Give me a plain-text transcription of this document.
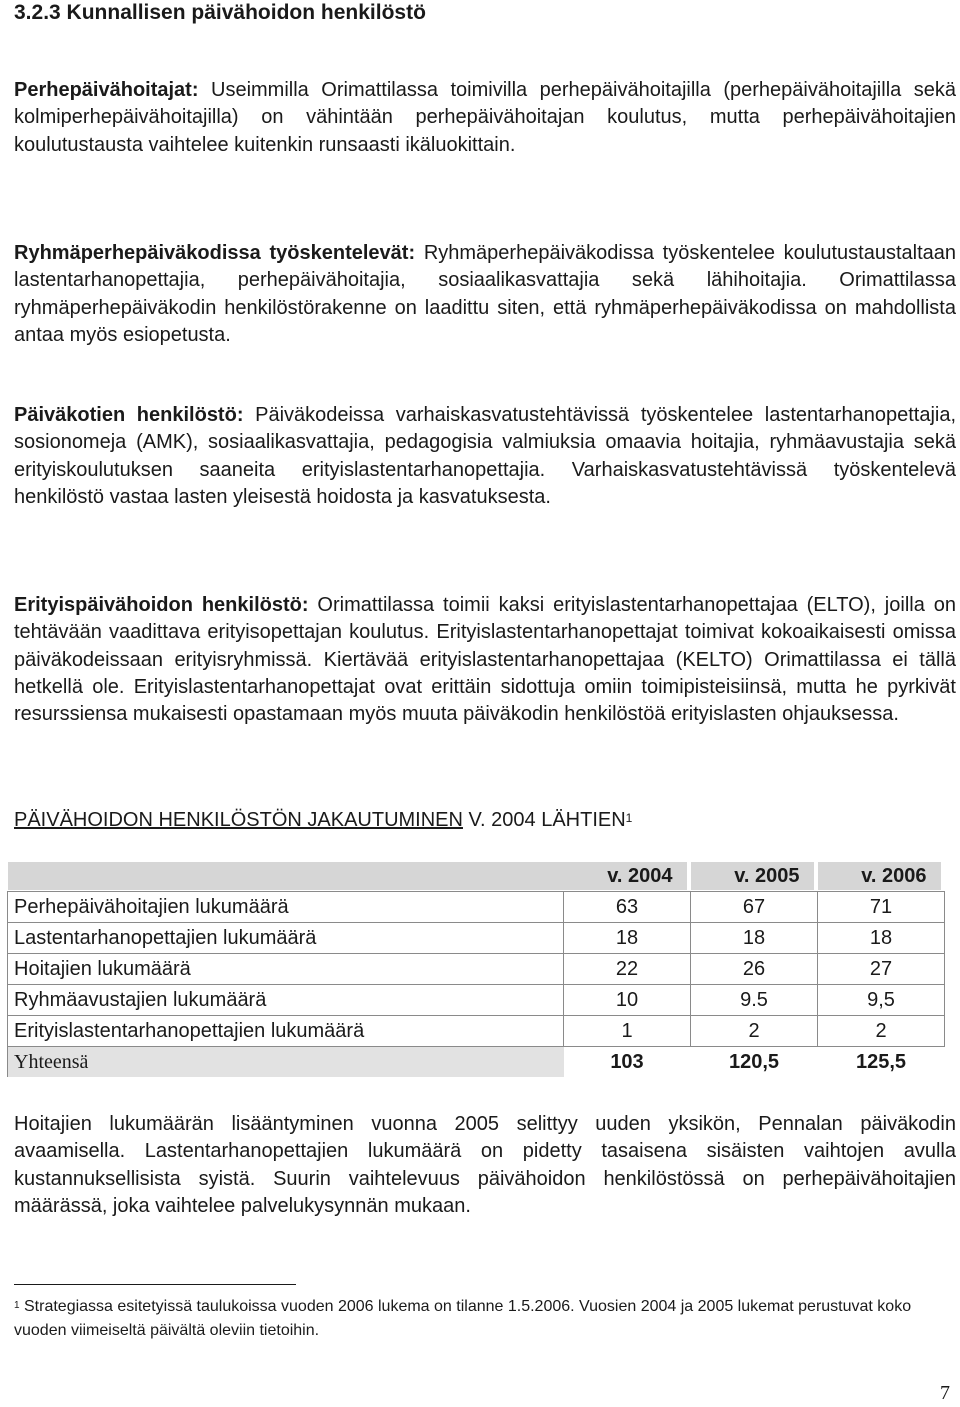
3.2.3 Kunnallisen päivähoidon henkilöstö

Perhepäivähoitajat: Useimmilla Orimattilassa toimivilla perhepäivähoitajilla (perhepäivähoitajilla sekä kolmiperhepäivähoitajilla) on vähintään perhepäivähoitajan koulutus, mutta perhepäivähoitajien koulutustausta vaihtelee kuitenkin runsaasti ikäluokittain.

Ryhmäperhepäiväkodissa työskentelevät: Ryhmäperhepäiväkodissa työskentelee koulutustaustaltaan lastentarhanopettajia, perhepäivähoitajia, sosiaalikasvattajia sekä lähihoitajia. Orimattilassa ryhmäperhepäiväkodin henkilöstörakenne on laadittu siten, että ryhmäperhepäiväkodissa on mahdollista antaa myös esiopetusta.

Päiväkotien henkilöstö: Päiväkodeissa varhaiskasvatustehtävissä työskentelee lastentarhanopettajia, sosionomeja (AMK), sosiaalikasvattajia, pedagogisia valmiuksia omaavia hoitajia, ryhmäavustajia sekä erityiskoulutuksen saaneita erityislastentarhanopettajia. Varhaiskasvatustehtävissä työskentelevä henkilöstö vastaa lasten yleisestä hoidosta ja kasvatuksesta.

Erityispäivähoidon henkilöstö: Orimattilassa toimii kaksi erityislastentarhanopettajaa (ELTO), joilla on tehtävään vaadittava erityisopettajan koulutus. Erityislastentarhanopettajat toimivat kokoaikaisesti omissa päiväkodeissaan erityisryhmissä. Kiertävää erityislastentarhanopettajaa (KELTO) Orimattilassa ei tällä hetkellä ole. Erityislastentarhanopettajat ovat erittäin sidottuja omiin toimipisteisiinsä, mutta he pyrkivät resurssiensa mukaisesti opastamaan myös muuta päiväkodin henkilöstöä erityislasten ohjauksessa.

PÄIVÄHOIDON HENKILÖSTÖN JAKAUTUMINEN V. 2004 LÄHTIEN$^1$

	v. 2004	v. 2005	v. 2006

Perhepäivähoitajien lukumäärä	63	67	71
Lastentarhanopettajien lukumäärä	18	18	18
Hoitajien lukumäärä	22	26	27
Ryhmäavustajien lukumäärä	10	9.5	9,5
Erityislastentarhanopettajien lukumäärä	1	2	2
Yhteensä	103	120,5	125,5

Hoitajien lukumäärän lisääntyminen vuonna 2005 selittyy uuden yksikön, Pennalan päiväkodin avaamisella. Lastentarhanopettajien lukumäärä on pidetty tasaisena sisäisten vaihtojen avulla kustannuksellisista syistä. Suurin vaihtelevuus päivähoidon henkilöstössä on perhepäivähoitajien määrässä, joka vaihtelee palvelukysynnän mukaan.

$^1$ Strategiassa esitetyissä taulukoissa vuoden 2006 lukema on tilanne 1.5.2006. Vuosien 2004 ja 2005 lukemat perustuvat koko vuoden viimeiseltä päivältä oleviin tietoihin.

7
